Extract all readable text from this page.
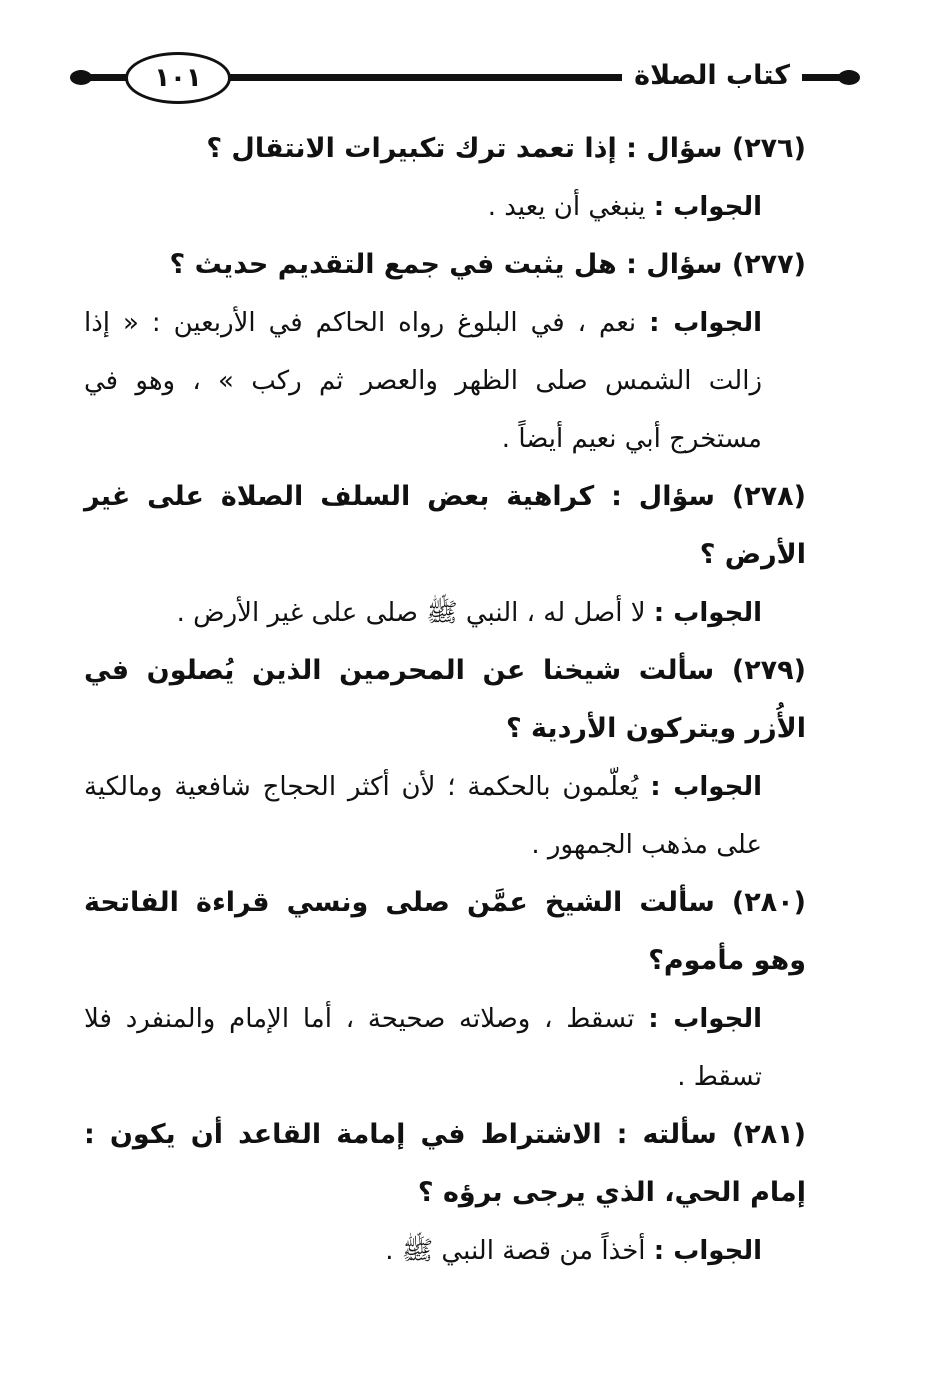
١٠١	كتاب الصلاة
(٢٧٦) سؤال : إذا تعمد ترك تكبيرات الانتقال ؟
الجواب : ينبغي أن يعيد .
(٢٧٧) سؤال : هل يثبت في جمع التقديم حديث ؟
الجواب : نعم ، في البلوغ رواه الحاكم في الأربعين : « إذا زالت الشمس صلى الظهر والعصر ثم ركب » ، وهو في مستخرج أبي نعيم أيضاً .
(٢٧٨) سؤال : كراهية بعض السلف الصلاة على غير الأرض ؟
الجواب : لا أصل له ، النبي ﷺ صلى على غير الأرض .
(٢٧٩) سألت شيخنا عن المحرمين الذين يُصلون في الأُزر ويتركون الأردية ؟
الجواب : يُعلّمون بالحكمة ؛ لأن أكثر الحجاج شافعية ومالكية على مذهب الجمهور .
(٢٨٠) سألت الشيخ عمَّن صلى ونسي قراءة الفاتحة وهو مأموم؟
الجواب : تسقط ، وصلاته صحيحة ، أما الإمام والمنفرد فلا تسقط .
(٢٨١) سألته : الاشتراط في إمامة القاعد أن يكون : إمام الحي، الذي يرجى برؤه ؟
الجواب : أخذاً من قصة النبي ﷺ .
